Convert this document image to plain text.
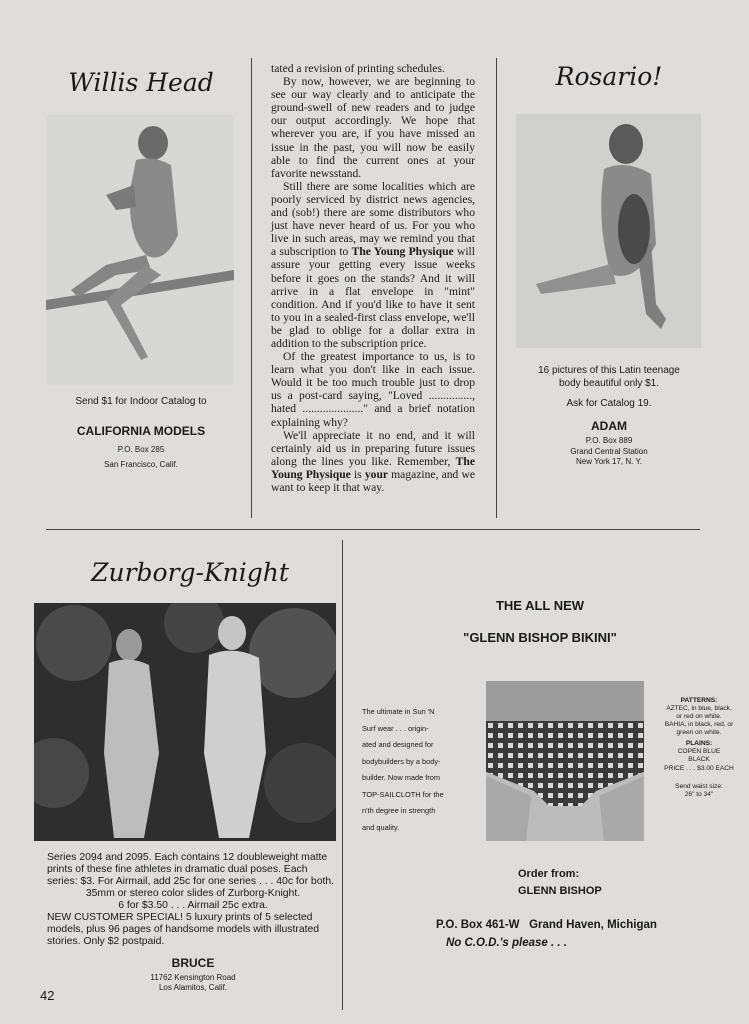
Willis Head
Send $1 for Indoor Catalog to
CALIFORNIA MODELS
P.O. Box 285
San Francisco, Calif.

tated a revision of printing schedules.

By now, however, we are beginning to see our way clearly and to anticipate the ground-swell of new readers and to judge our output accordingly. We hope that wherever you are, if you have missed an issue in the past, you will now be easily able to find the current ones at your favorite newsstand.

Still there are some localities which are poorly serviced by district news agencies, and (sob!) there are some distributors who just have never heard of us. For you who live in such areas, may we remind you that a subscription to The Young Physique will assure your getting every issue weeks before it goes on the stands? And it will arrive in a flat envelope in "mint" condition. And if you'd like to have it sent to you in a sealed-first class envelope, we'll be glad to oblige for a dollar extra in addition to the subscription price.

Of the greatest importance to us, is to learn what you don't like in each issue. Would it be too much trouble just to drop us a post-card saying, "Loved ..............., hated ....................." and a brief notation explaining why?

We'll appreciate it no end, and it will certainly aid us in preparing future issues along the lines you like. Remember, The Young Physique is your magazine, and we want to keep it that way.

Rosario!
16 pictures of this Latin teenage
body beautiful only $1.
Ask for Catalog 19.
ADAM
P.O. Box 889
Grand Central Station
New York 17, N. Y.
Zurborg-Knight
Series 2094 and 2095. Each contains 12 doubleweight matte prints of these fine athletes in dramatic dual poses. Each series: $3. For Airmail, add 25c for one series . . . 40c for both.
35mm or stereo color slides of Zurborg-Knight.
6 for $3.50 . . . Airmail 25c extra.
NEW CUSTOMER SPECIAL! 5 luxury prints of 5 selected models, plus 96 pages of handsome models with illustrated stories. Only $2 postpaid.
BRUCE
11762 Kensington Road
Los Alamitos, Calif.
42
THE ALL NEW
"GLENN BISHOP BIKINI"
The ultimate in Sun 'N
Surf wear . . . origin-
ated and designed for
bodybuilders by a body-
builder. Now made from
TOP-SAILCLOTH for the
n'th degree in strength
and quality.
PATTERNS:
AZTEC, in blue, black,
or red on white.
BAHIA, in black, red, or
green on white.
PLAINS:
COPEN BLUE
BLACK
PRICE . . . $3.00 EACH
Send waist size:
26" to 34"
Order from:
GLENN BISHOP
P.O. Box 461-W   Grand Haven, Michigan
No C.O.D.'s please . . .
